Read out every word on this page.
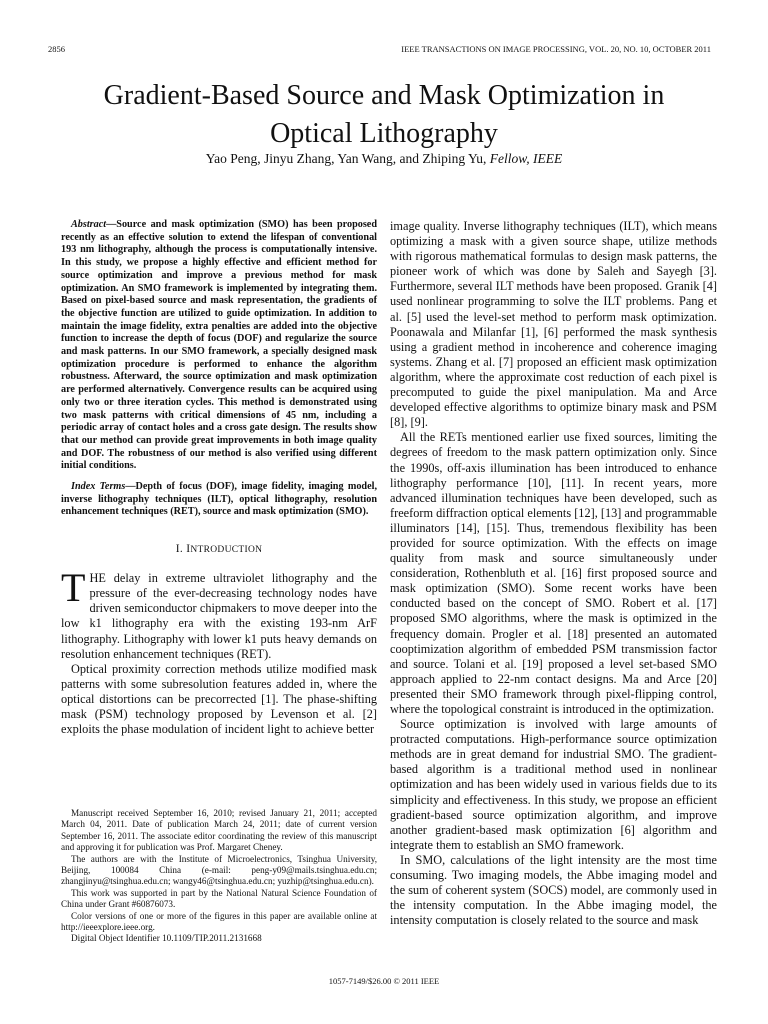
2856	IEEE TRANSACTIONS ON IMAGE PROCESSING, VOL. 20, NO. 10, OCTOBER 2011
Gradient-Based Source and Mask Optimization in
Optical Lithography
Yao Peng, Jinyu Zhang, Yan Wang, and Zhiping Yu, Fellow, IEEE

Abstract—Source and mask optimization (SMO) has been proposed recently as an effective solution to extend the lifespan of conventional 193 nm lithography, although the process is computationally intensive. In this study, we propose a highly effective and efficient method for source optimization and improve a previous method for mask optimization. An SMO framework is implemented by integrating them. Based on pixel-based source and mask representation, the gradients of the objective function are utilized to guide optimization. In addition to maintain the image fidelity, extra penalties are added into the objective function to increase the depth of focus (DOF) and regularize the source and mask patterns. In our SMO framework, a specially designed mask optimization procedure is performed to enhance the algorithm robustness. Afterward, the source optimization and mask optimization are performed alternatively. Convergence results can be acquired using only two or three iteration cycles. This method is demonstrated using two mask patterns with critical dimensions of 45 nm, including a periodic array of contact holes and a cross gate design. The results show that our method can provide great improvements in both image quality and DOF. The robustness of our method is also verified using different initial conditions.

Index Terms—Depth of focus (DOF), image fidelity, imaging model, inverse lithography techniques (ILT), optical lithography, resolution enhancement techniques (RET), source and mask optimization (SMO).

I. INTRODUCTION

THE delay in extreme ultraviolet lithography and the pressure of the ever-decreasing technology nodes have driven semiconductor chipmakers to move deeper into the low k1 lithography era with the existing 193-nm ArF lithography. Lithography with lower k1 puts heavy demands on resolution enhancement techniques (RET).

Optical proximity correction methods utilize modified mask patterns with some subresolution features added in, where the optical distortions can be precorrected [1]. The phase-shifting mask (PSM) technology proposed by Levenson et al. [2] exploits the phase modulation of incident light to achieve better

Manuscript received September 16, 2010; revised January 21, 2011; accepted March 04, 2011. Date of publication March 24, 2011; date of current version September 16, 2011. The associate editor coordinating the review of this manuscript and approving it for publication was Prof. Margaret Cheney.

The authors are with the Institute of Microelectronics, Tsinghua University, Beijing, 100084 China (e-mail: peng-y09@mails.tsinghua.edu.cn; zhangjinyu@tsinghua.edu.cn; wangy46@tsinghua.edu.cn; yuzhip@tsinghua.edu.cn).

This work was supported in part by the National Natural Science Foundation of China under Grant #60876073.

Color versions of one or more of the figures in this paper are available online at http://ieeexplore.ieee.org.

Digital Object Identifier 10.1109/TIP.2011.2131668

image quality. Inverse lithography techniques (ILT), which means optimizing a mask with a given source shape, utilize methods with rigorous mathematical formulas to design mask patterns, the pioneer work of which was done by Saleh and Sayegh [3]. Furthermore, several ILT methods have been proposed. Granik [4] used nonlinear programming to solve the ILT problems. Pang et al. [5] used the level-set method to perform mask optimization. Poonawala and Milanfar [1], [6] performed the mask synthesis using a gradient method in incoherence and coherence imaging systems. Zhang et al. [7] proposed an efficient mask optimization algorithm, where the approximate cost reduction of each pixel is precomputed to guide the pixel manipulation. Ma and Arce developed effective algorithms to optimize binary mask and PSM [8], [9].

All the RETs mentioned earlier use fixed sources, limiting the degrees of freedom to the mask pattern optimization only. Since the 1990s, off-axis illumination has been introduced to enhance lithography performance [10], [11]. In recent years, more advanced illumination techniques have been developed, such as freeform diffraction optical elements [12], [13] and programmable illuminators [14], [15]. Thus, tremendous flexibility has been provided for source optimization. With the effects on image quality from mask and source simultaneously under consideration, Rothenbluth et al. [16] first proposed source and mask optimization (SMO). Some recent works have been conducted based on the concept of SMO. Robert et al. [17] proposed SMO algorithms, where the mask is optimized in the frequency domain. Progler et al. [18] presented an automated cooptimization algorithm of embedded PSM transmission factor and source. Tolani et al. [19] proposed a level set-based SMO approach applied to 22-nm contact designs. Ma and Arce [20] presented their SMO framework through pixel-flipping control, where the topological constraint is introduced in the optimization.

Source optimization is involved with large amounts of protracted computations. High-performance source optimization methods are in great demand for industrial SMO. The gradient-based algorithm is a traditional method used in nonlinear optimization and has been widely used in various fields due to its simplicity and effectiveness. In this study, we propose an efficient gradient-based source optimization algorithm, and improve another gradient-based mask optimization [6] algorithm and integrate them to establish an SMO framework.

In SMO, calculations of the light intensity are the most time consuming. Two imaging models, the Abbe imaging model and the sum of coherent system (SOCS) model, are commonly used in the intensity computation. In the Abbe imaging model, the intensity computation is closely related to the source and mask

1057-7149/$26.00 © 2011 IEEE
